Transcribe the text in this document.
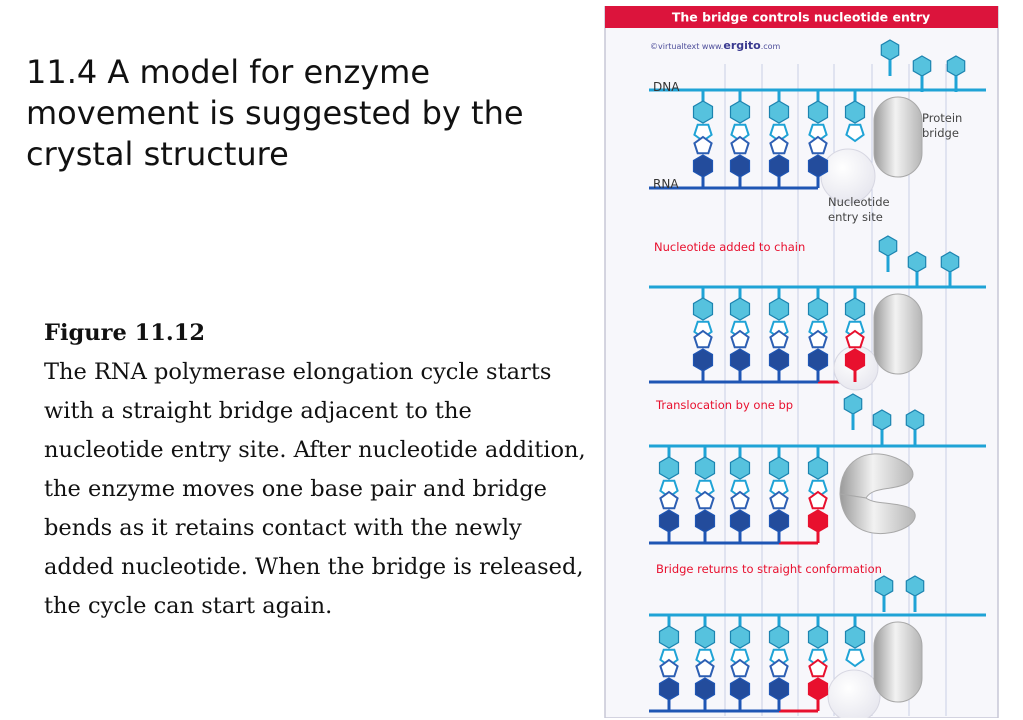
11.4 A model for enzyme movement is suggested by the crystal structure
Figure 11.12
The RNA polymerase elongation cycle starts with a straight bridge adjacent to the nucleotide entry site. After nucleotide addition, the enzyme moves one base pair and bridge bends as it retains contact with the newly added nucleotide. When the bridge is released, the cycle can start again.
The bridge controls nucleotide entry
©virtualtext www.ergito.com
DNA
RNA
Protein bridge
Nucleotide entry site
Nucleotide added to chain
Translocation by one bp
Bridge returns to straight conformation
